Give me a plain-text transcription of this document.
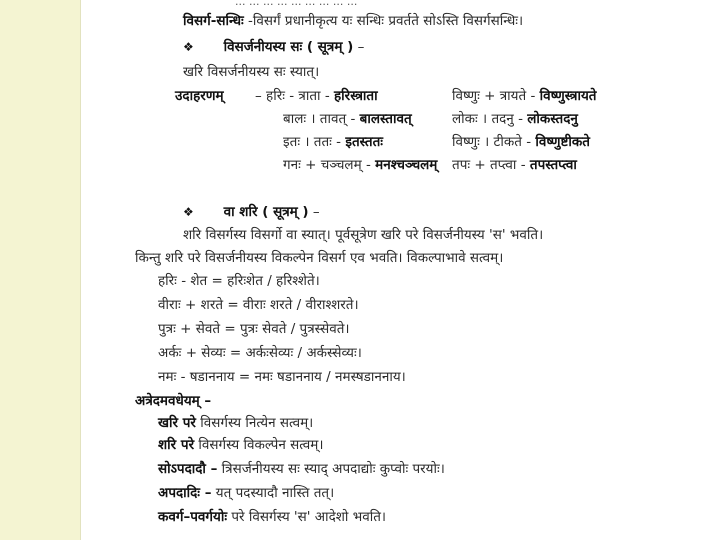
... ... ... ... ... ... ... ... ...
विसर्ग-सन्धिः -विसर्गं प्रधानीकृत्य यः सन्धिः प्रवर्तते सोऽस्ति विसर्गसन्धिः।
❖ विसर्जनीयस्य सः ( सूत्रम् ) –
खरि विसर्जनीयस्य सः स्यात्।
उदाहरणम् – हरिः - त्राता - हरिस्त्राता	विष्णुः + त्रायते - विष्णुस्त्रायते
बालः । तावत् - बालस्तावत्	लोकः । तदनु - लोकस्तदनु
इतः । ततः - इतस्ततः	विष्णुः । टीकते - विष्णुष्टीकते
गनः + चञ्चलम् - मनश्चञ्चलम् तपः + तप्त्वा - तपस्तप्त्वा
❖ वा शरि ( सूत्रम् ) –
शरि विसर्गस्य विसर्गो वा स्यात्। पूर्वसूत्रेण खरि परे विसर्जनीयस्य 'स' भवति।
किन्तु शरि परे विसर्जनीयस्य विकल्पेन विसर्ग एव भवति। विकल्पाभावे सत्वम्।
हरिः - शेत = हरिःशेत / हरिश्शेते।
वीराः + शरते = वीराः शरते / वीराश्शरते।
पुत्रः + सेवते = पुत्रः सेवते / पुत्रस्सेवते।
अर्कः + सेव्यः = अर्कःसेव्यः / अर्कस्सेव्यः।
नमः - षडाननाय = नमः षडाननाय / नमस्षडाननाय।
अत्रेदमवधेयम् –
खरि परे विसर्गस्य नित्येन सत्वम्।
शरि परे विसर्गस्य विकल्पेन सत्वम्।
सोऽपदादौ – त्रिसर्जनीयस्य सः स्याद् अपदाद्योः कुप्वोः परयोः।
अपदादिः – यत् पदस्यादौ नास्ति तत्।
कवर्ग–पवर्गयोः परे विसर्गस्य 'स' आदेशो भवति।
